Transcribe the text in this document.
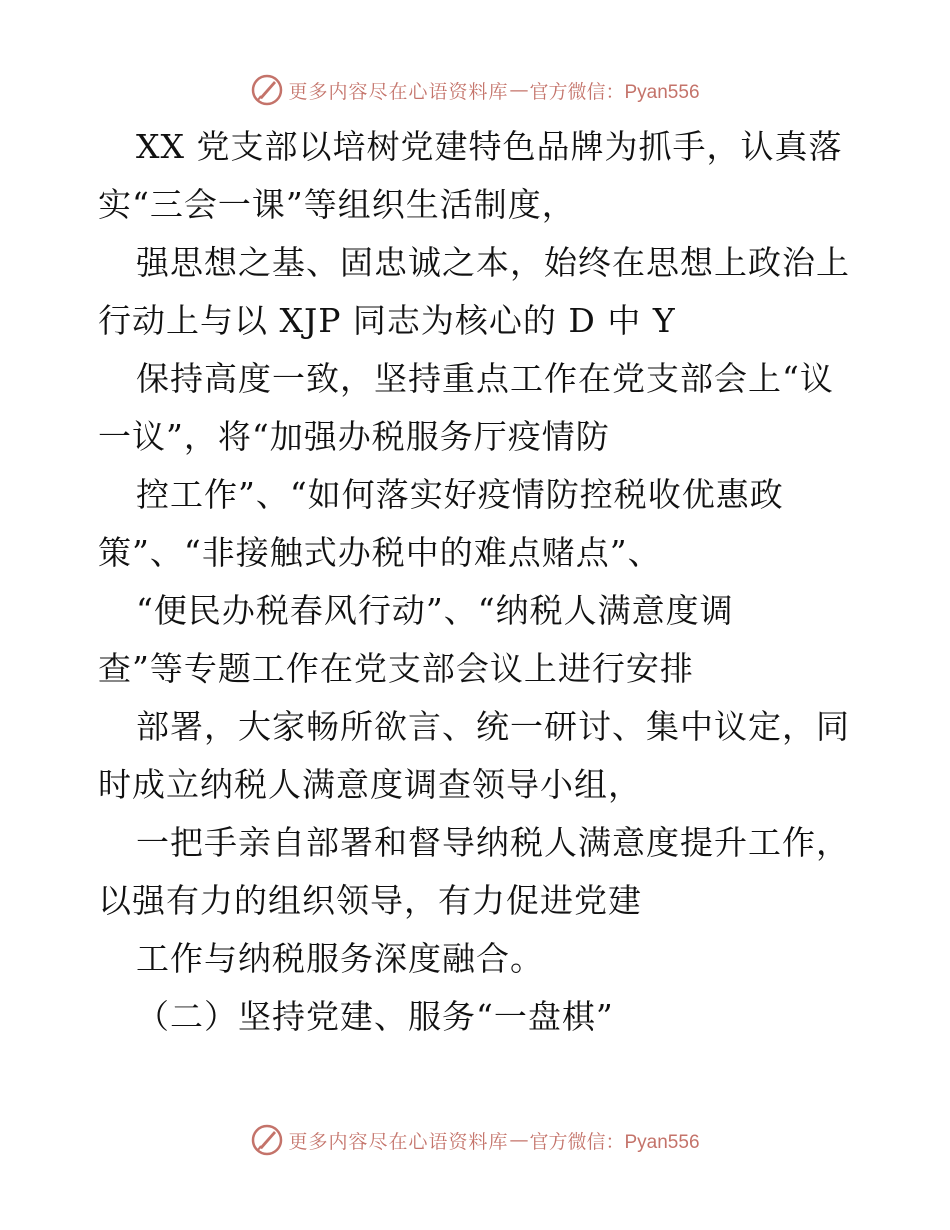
更多内容尽在心语资料库 — 官方微信：Pyan556
XX 党支部以培树党建特色品牌为抓手，认真落
实“三会一课”等组织生活制度，
强思想之基、固忠诚之本，始终在思想上政治上
行动上与以 XJP 同志为核心的 D 中 Y
保持高度一致，坚持重点工作在党支部会上“议
一议”，将“加强办税服务厅疫情防
控工作”、“如何落实好疫情防控税收优惠政
策”、“非接触式办税中的难点赌点”、
“便民办税春风行动”、“纳税人满意度调
查”等专题工作在党支部会议上进行安排
部署，大家畅所欲言、统一研讨、集中议定，同
时成立纳税人满意度调查领导小组，
一把手亲自部署和督导纳税人满意度提升工作，
以强有力的组织领导，有力促进党建
工作与纳税服务深度融合。
（二）坚持党建、服务“一盘棋”
更多内容尽在心语资料库 — 官方微信：Pyan556
